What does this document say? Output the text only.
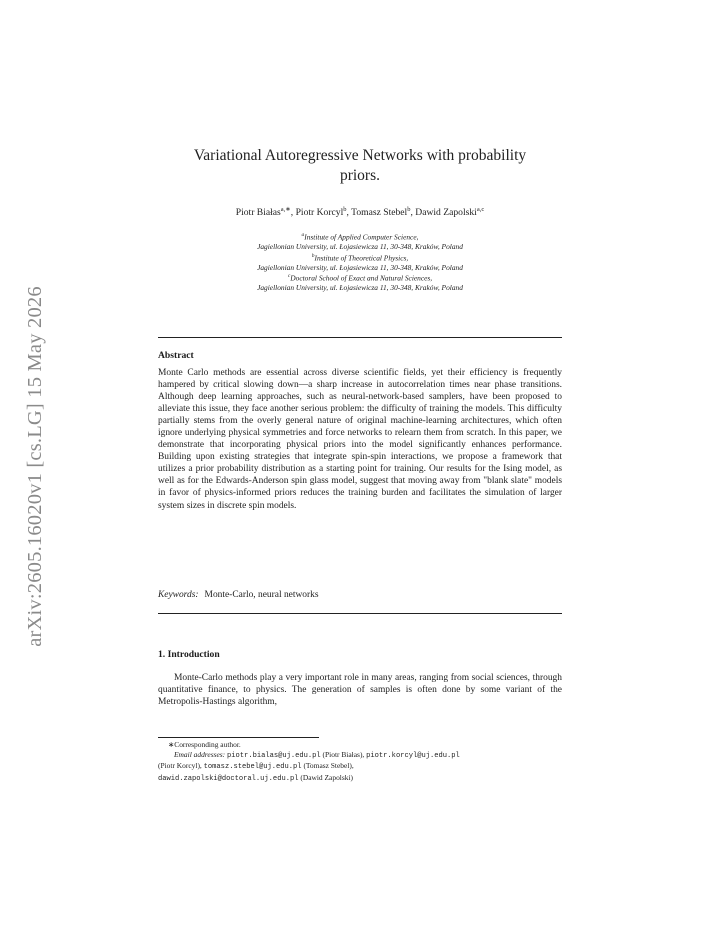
arXiv:2605.16020v1 [cs.LG] 15 May 2026
Variational Autoregressive Networks with probability
priors.
Piotr Białas$^{a,∗}$, Piotr Korcyl$^b$, Tomasz Stebel$^b$, Dawid Zapolski$^{a,c}$
$^a$Institute of Applied Computer Science,
Jagiellonian University, ul. Łojasiewicza 11, 30-348, Kraków, Poland
$^b$Institute of Theoretical Physics,
Jagiellonian University, ul. Łojasiewicza 11, 30-348, Kraków, Poland
$^c$Doctoral School of Exact and Natural Sciences,
Jagiellonian University, ul. Łojasiewicza 11, 30-348, Kraków, Poland
Abstract
Monte Carlo methods are essential across diverse scientific fields, yet their efficiency is frequently hampered by critical slowing down—a sharp increase in autocorrelation times near phase transitions. Although deep learning approaches, such as neural-network-based samplers, have been proposed to alleviate this issue, they face another serious problem: the difficulty of training the models. This difficulty partially stems from the overly general nature of original machine-learning architectures, which often ignore underlying physical symmetries and force networks to relearn them from scratch. In this paper, we demonstrate that incorporating physical priors into the model significantly enhances performance. Building upon existing strategies that integrate spin-spin interactions, we propose a framework that utilizes a prior probability distribution as a starting point for training. Our results for the Ising model, as well as for the Edwards-Anderson spin glass model, suggest that moving away from "blank slate" models in favor of physics-informed priors reduces the training burden and facilitates the simulation of larger system sizes in discrete spin models.
Keywords: Monte-Carlo, neural networks
1. Introduction
Monte-Carlo methods play a very important role in many areas, ranging from social sciences, through quantitative finance, to physics. The generation of samples is often done by some variant of the Metropolis-Hastings algorithm,
∗Corresponding author.
Email addresses: piotr.bialas@uj.edu.pl (Piotr Białas), piotr.korcyl@uj.edu.pl
(Piotr Korcyl), tomasz.stebel@uj.edu.pl (Tomasz Stebel),
dawid.zapolski@doctoral.uj.edu.pl (Dawid Zapolski)
